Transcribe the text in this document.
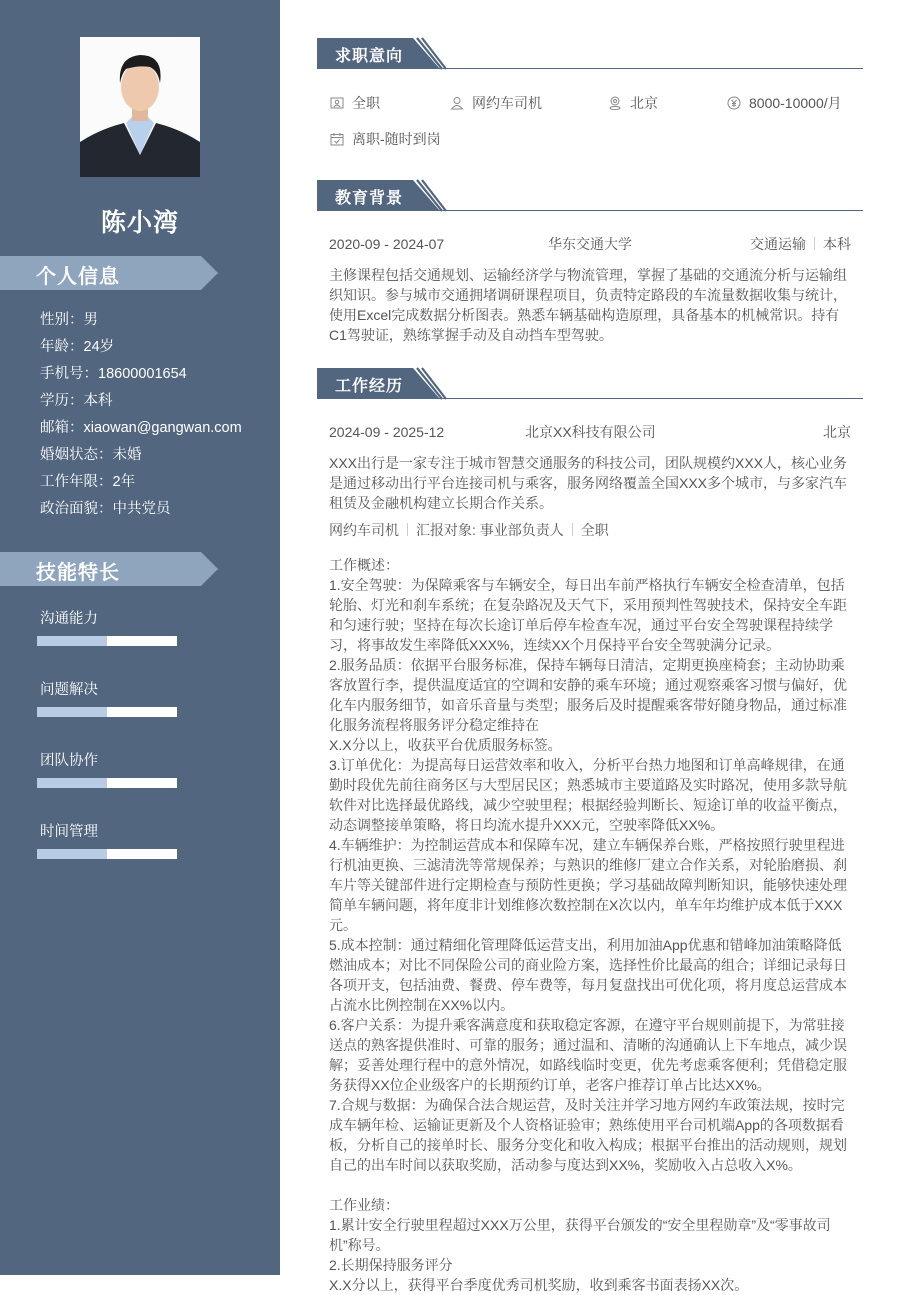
陈小湾
个人信息
性别：男
年龄：24岁
手机号：18600001654
学历：本科
邮箱：xiaowan@gangwan.com
婚姻状态：未婚
工作年限：2年
政治面貌：中共党员
技能特长
沟通能力
问题解决
团队协作
时间管理
求职意向
全职	网约车司机	北京	8000-10000/月
离职-随时到岗
教育背景
2020-09 - 2024-07	华东交通大学	交通运输 本科
主修课程包括交通规划、运输经济学与物流管理，掌握了基础的交通流分析与运输组织知识。参与城市交通拥堵调研课程项目，负责特定路段的车流量数据收集与统计，使用Excel完成数据分析图表。熟悉车辆基础构造原理，具备基本的机械常识。持有C1驾驶证，熟练掌握手动及自动挡车型驾驶。
工作经历
2024-09 - 2025-12	北京XX科技有限公司	北京
XXX出行是一家专注于城市智慧交通服务的科技公司，团队规模约XXX人，核心业务是通过移动出行平台连接司机与乘客，服务网络覆盖全国XXX多个城市，与多家汽车租赁及金融机构建立长期合作关系。
网约车司机 汇报对象: 事业部负责人 全职

工作概述：

1.安全驾驶：为保障乘客与车辆安全，每日出车前严格执行车辆安全检查清单，包括轮胎、灯光和刹车系统；在复杂路况及天气下，采用预判性驾驶技术，保持安全车距和匀速行驶；坚持在每次长途订单后停车检查车况，通过平台安全驾驶课程持续学习，将事故发生率降低XXX%，连续XX个月保持平台安全驾驶满分记录。

2.服务品质：依据平台服务标准，保持车辆每日清洁，定期更换座椅套；主动协助乘客放置行李，提供温度适宜的空调和安静的乘车环境；通过观察乘客习惯与偏好，优化车内服务细节，如音乐音量与类型；服务后及时提醒乘客带好随身物品，通过标准化服务流程将服务评分稳定维持在

X.X分以上，收获平台优质服务标签。

3.订单优化：为提高每日运营效率和收入，分析平台热力地图和订单高峰规律，在通勤时段优先前往商务区与大型居民区；熟悉城市主要道路及实时路况，使用多款导航软件对比选择最优路线，减少空驶里程；根据经验判断长、短途订单的收益平衡点，动态调整接单策略，将日均流水提升XXX元，空驶率降低XX%。

4.车辆维护：为控制运营成本和保障车况，建立车辆保养台账，严格按照行驶里程进行机油更换、三滤清洗等常规保养；与熟识的维修厂建立合作关系，对轮胎磨损、刹车片等关键部件进行定期检查与预防性更换；学习基础故障判断知识，能够快速处理简单车辆问题，将年度非计划维修次数控制在X次以内，单车年均维护成本低于XXX元。

5.成本控制：通过精细化管理降低运营支出，利用加油App优惠和错峰加油策略降低燃油成本；对比不同保险公司的商业险方案，选择性价比最高的组合；详细记录每日各项开支，包括油费、餐费、停车费等，每月复盘找出可优化项，将月度总运营成本占流水比例控制在XX%以内。

6.客户关系：为提升乘客满意度和获取稳定客源，在遵守平台规则前提下，为常驻接送点的熟客提供准时、可靠的服务；通过温和、清晰的沟通确认上下车地点，减少误解；妥善处理行程中的意外情况，如路线临时变更，优先考虑乘客便利；凭借稳定服务获得XX位企业级客户的长期预约订单，老客户推荐订单占比达XX%。

7.合规与数据：为确保合法合规运营，及时关注并学习地方网约车政策法规，按时完成车辆年检、运输证更新及个人资格证验审；熟练使用平台司机端App的各项数据看板，分析自己的接单时长、服务分变化和收入构成；根据平台推出的活动规则，规划自己的出车时间以获取奖励，活动参与度达到XX%，奖励收入占总收入X%。

工作业绩：

1.累计安全行驶里程超过XXX万公里，获得平台颁发的“安全里程勋章”及“零事故司机”称号。

2.长期保持服务评分

X.X分以上，获得平台季度优秀司机奖励，收到乘客书面表扬XX次。
